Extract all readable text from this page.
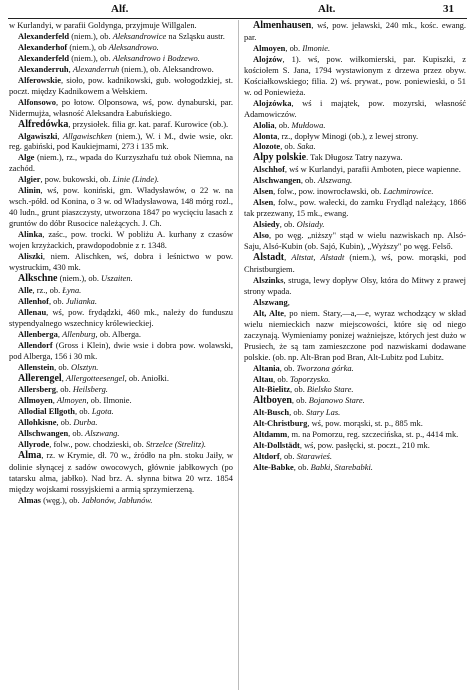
Alf.	Alt.	31

w Kurlandyi, w parafii Goldynga, przyjmuje Willgalen.

Alexanderfeld (niem.), ob. Aleksandrowice na Szląsku austr.

Alexanderhof (niem.), ob Aleksandrowo.

Alexanderfeld (niem.), ob. Aleksandrowo i Bodzewo.

Alexanderruh, Alexanderruh (niem.), ob. Aleksandrowo.

Alferowskie, sioło, pow. kadnikowski, gub. wołogodzkiej, st. poczt. między Kadnikowem a Wełskiem.

Alfonsowo, po łotow. Olponsowa, wś, pow. dynaburski, par. Nidermujża, własność Aleksandra Łabuńskiego.

Alfredówka, przysiołek. filia gr. kat. paraf. Kurowice (ob.).

Algawiszki, Allgawischken (niem.), W. i M., dwie wsie, okr. reg. gabiński, pod Kaukiejmami, 273 i 135 mk.

Alge (niem.), rz., wpada do Kurzyszhafu tuż obok Niemna, na zachód.

Algier, pow. bukowski, ob. Linie (Linde).

Alinin, wś, pow. koniński, gm. Władysławów, o 22 w. na wsch.-półd. od Konina, o 3 w. od Władysławowa, 148 mórg rozl., 40 ludn., grunt piaszczysty, utworzona 1847 po wycięciu lasach z gruntów do dóbr Rusocice należących. J. Ch.

Alinka, zaśc., pow. trocki. W pobliżu A. kurhany z czasów wojen krzyżackich, prawdopodobnie z r. 1348.

Aliszki, niem. Alischken, wś, dobra i leśnictwo w pow. wystruckim, 430 mk.

Alkschne (niem.), ob. Uszaiten.

Alle, rz., ob. Łyna.

Allenhof, ob. Julianka.

Allenau, wś, pow. frydądzki, 460 mk., należy do funduszu stypendyalnego wszechnicy królewieckiej.

Allenberga, Allenburg, ob. Alberga.

Allendorf (Gross i Klein), dwie wsie i dobra pow. wolawski, pod Alberga, 156 i 30 mk.

Allenstein, ob. Olsztyn.

Allerengel, Allergotteesengel, ob. Aniołki.

Allersberg, ob. Heilsberg.

Allmoyen, Almoyen, ob. Ilmonie.

Allodial Ellgoth, ob. Lgota.

Allohkisne, ob. Durba.

Allschwangen, ob. Alszwang.

Allyrode, folw., pow. chodzieski, ob. Strzelce (Strelitz).

Alma, rz. w Krymie, dł. 70 w., źródło na płn. stoku Jaiły, w dolinie słynącej z sadów owocowych, głównie jabłkowych (po tatarsku alma, jabłko). Nad brz. A. słynna bitwa 20 wrz. 1854 między wojskami rossyjskiemi a armią sprzymierzeną.

Almas (węg.), ob. Jabłonów, Jabłunów.

Almenhausen, wś, pow. jeławski, 240 mk., kośc. ewang. par.

Almoyen, ob. Ilmonie.

Alojzów, 1). wś, pow. wiłkomierski, par. Kupiszki, z kościołem S. Jana, 1794 wystawionym z drzewa przez obyw. Kościałkowskiego; filia. 2) wś. prywat., pow. poniewieski, o 51 w. od Poniewieża.

Alojzówka, wś i majątek, pow. mozyrski, własność Adamowiczów.

Alolia, ob. Mułdowa.

Alonta, rz., dopływ Minogi (ob.), z lewej strony.

Alozote, ob. Saka.

Alpy polskie. Tak Długosz Tatry nazywa.

Alschhof, wś w Kurlandyi, parafii Amboten, piece wapienne.

Alschwangen, ob. Alszwang.

Alsen, folw., pow. inowrocławski, ob. Lachmirowice.

Alsen, folw., pow. wałecki, do zamku Frydląd należący, 1866 tak przezwany, 15 mk., ewang.

Alsiedy, ob. Olsiady.

Also, po węg. „niższy" stąd w wielu nazwiskach np. Alsó-Saju, Alsó-Kubin (ob. Sajó, Kubin), „Wyższy" po węg. Felső.

Alstadt, Altstat, Alstadt (niem.), wś, pow. morąski, pod Christburgiem.

Alszinks, struga, lewy dopływ Olsy, która do Mitwy z prawej strony wpada.

Alszwang,

Alt, Alte, po niem. Stary,—a,—e, wyraz wchodzący w skład wielu niemieckich nazw miejscowości, które się od niego zaczynają. Wymieniamy ponizej ważniejsze, których jest dużo w Prusiech, że są tam zamieszczone pod nazwiskami dodawane polskie. (ob. np. Alt-Bran pod Bran, Alt-Lubitz pod Lubitz.

Altania, ob. Tworzona górka.

Altau, ob. Toporzysko.

Alt-Bielitz, ob. Bielsko Stare.

Altboyen, ob. Bojanowo Stare.

Alt-Busch, ob. Stary Las.

Alt-Christburg, wś, pow. morąski, st. p., 885 mk.

Altdamm, m. na Pomorzu, reg. szczecińska, st. p., 4414 mk.

Alt-Dollstädt, wś, pow. pasłęcki, st. poczt., 210 mk.

Altdorf, ob. Starawieś.

Alte-Babke, ob. Babki, Starebabki.
